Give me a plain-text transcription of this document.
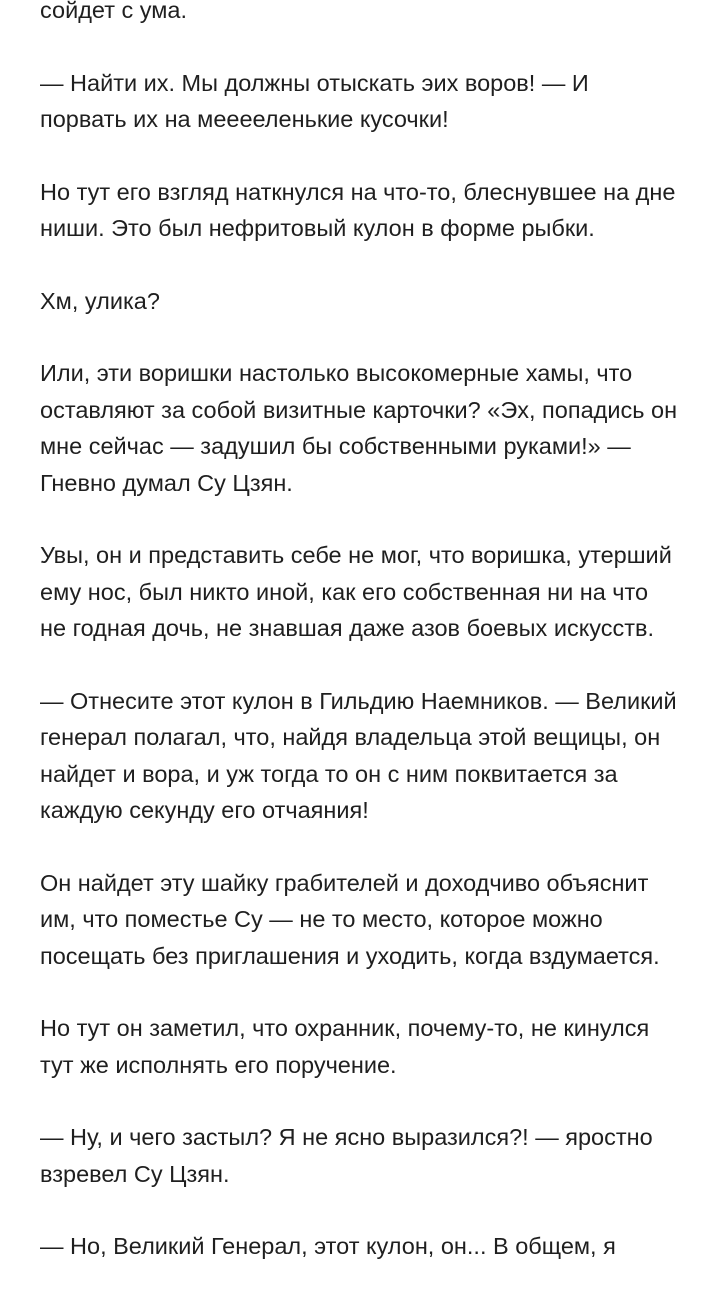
сойдет с ума.

— Найти их. Мы должны отыскать эих воров! — И порвать их на мееееленькие кусочки!

Но тут его взгляд наткнулся на что-то, блеснувшее на дне ниши. Это был нефритовый кулон в форме рыбки.

Хм, улика?

Или, эти воришки настолько высокомерные хамы, что оставляют за собой визитные карточки? «Эх, попадись он мне сейчас — задушил бы собственными руками!» — Гневно думал Су Цзян.

Увы, он и представить себе не мог, что воришка, утерший ему нос, был никто иной, как его собственная ни на что не годная дочь, не знавшая даже азов боевых искусств.

— Отнесите этот кулон в Гильдию Наемников. — Великий генерал полагал, что, найдя владельца этой вещицы, он найдет и вора, и уж тогда то он с ним поквитается за каждую секунду его отчаяния!

Он найдет эту шайку грабителей и доходчиво объяснит им, что поместье Су — не то место, которое можно посещать без приглашения и уходить, когда вздумается.

Но тут он заметил, что охранник, почему-то, не кинулся тут же исполнять его поручение.

— Ну, и чего застыл? Я не ясно выразился?! — яростно взревел Су Цзян.

— Но, Великий Генерал, этот кулон, он... В общем, я
